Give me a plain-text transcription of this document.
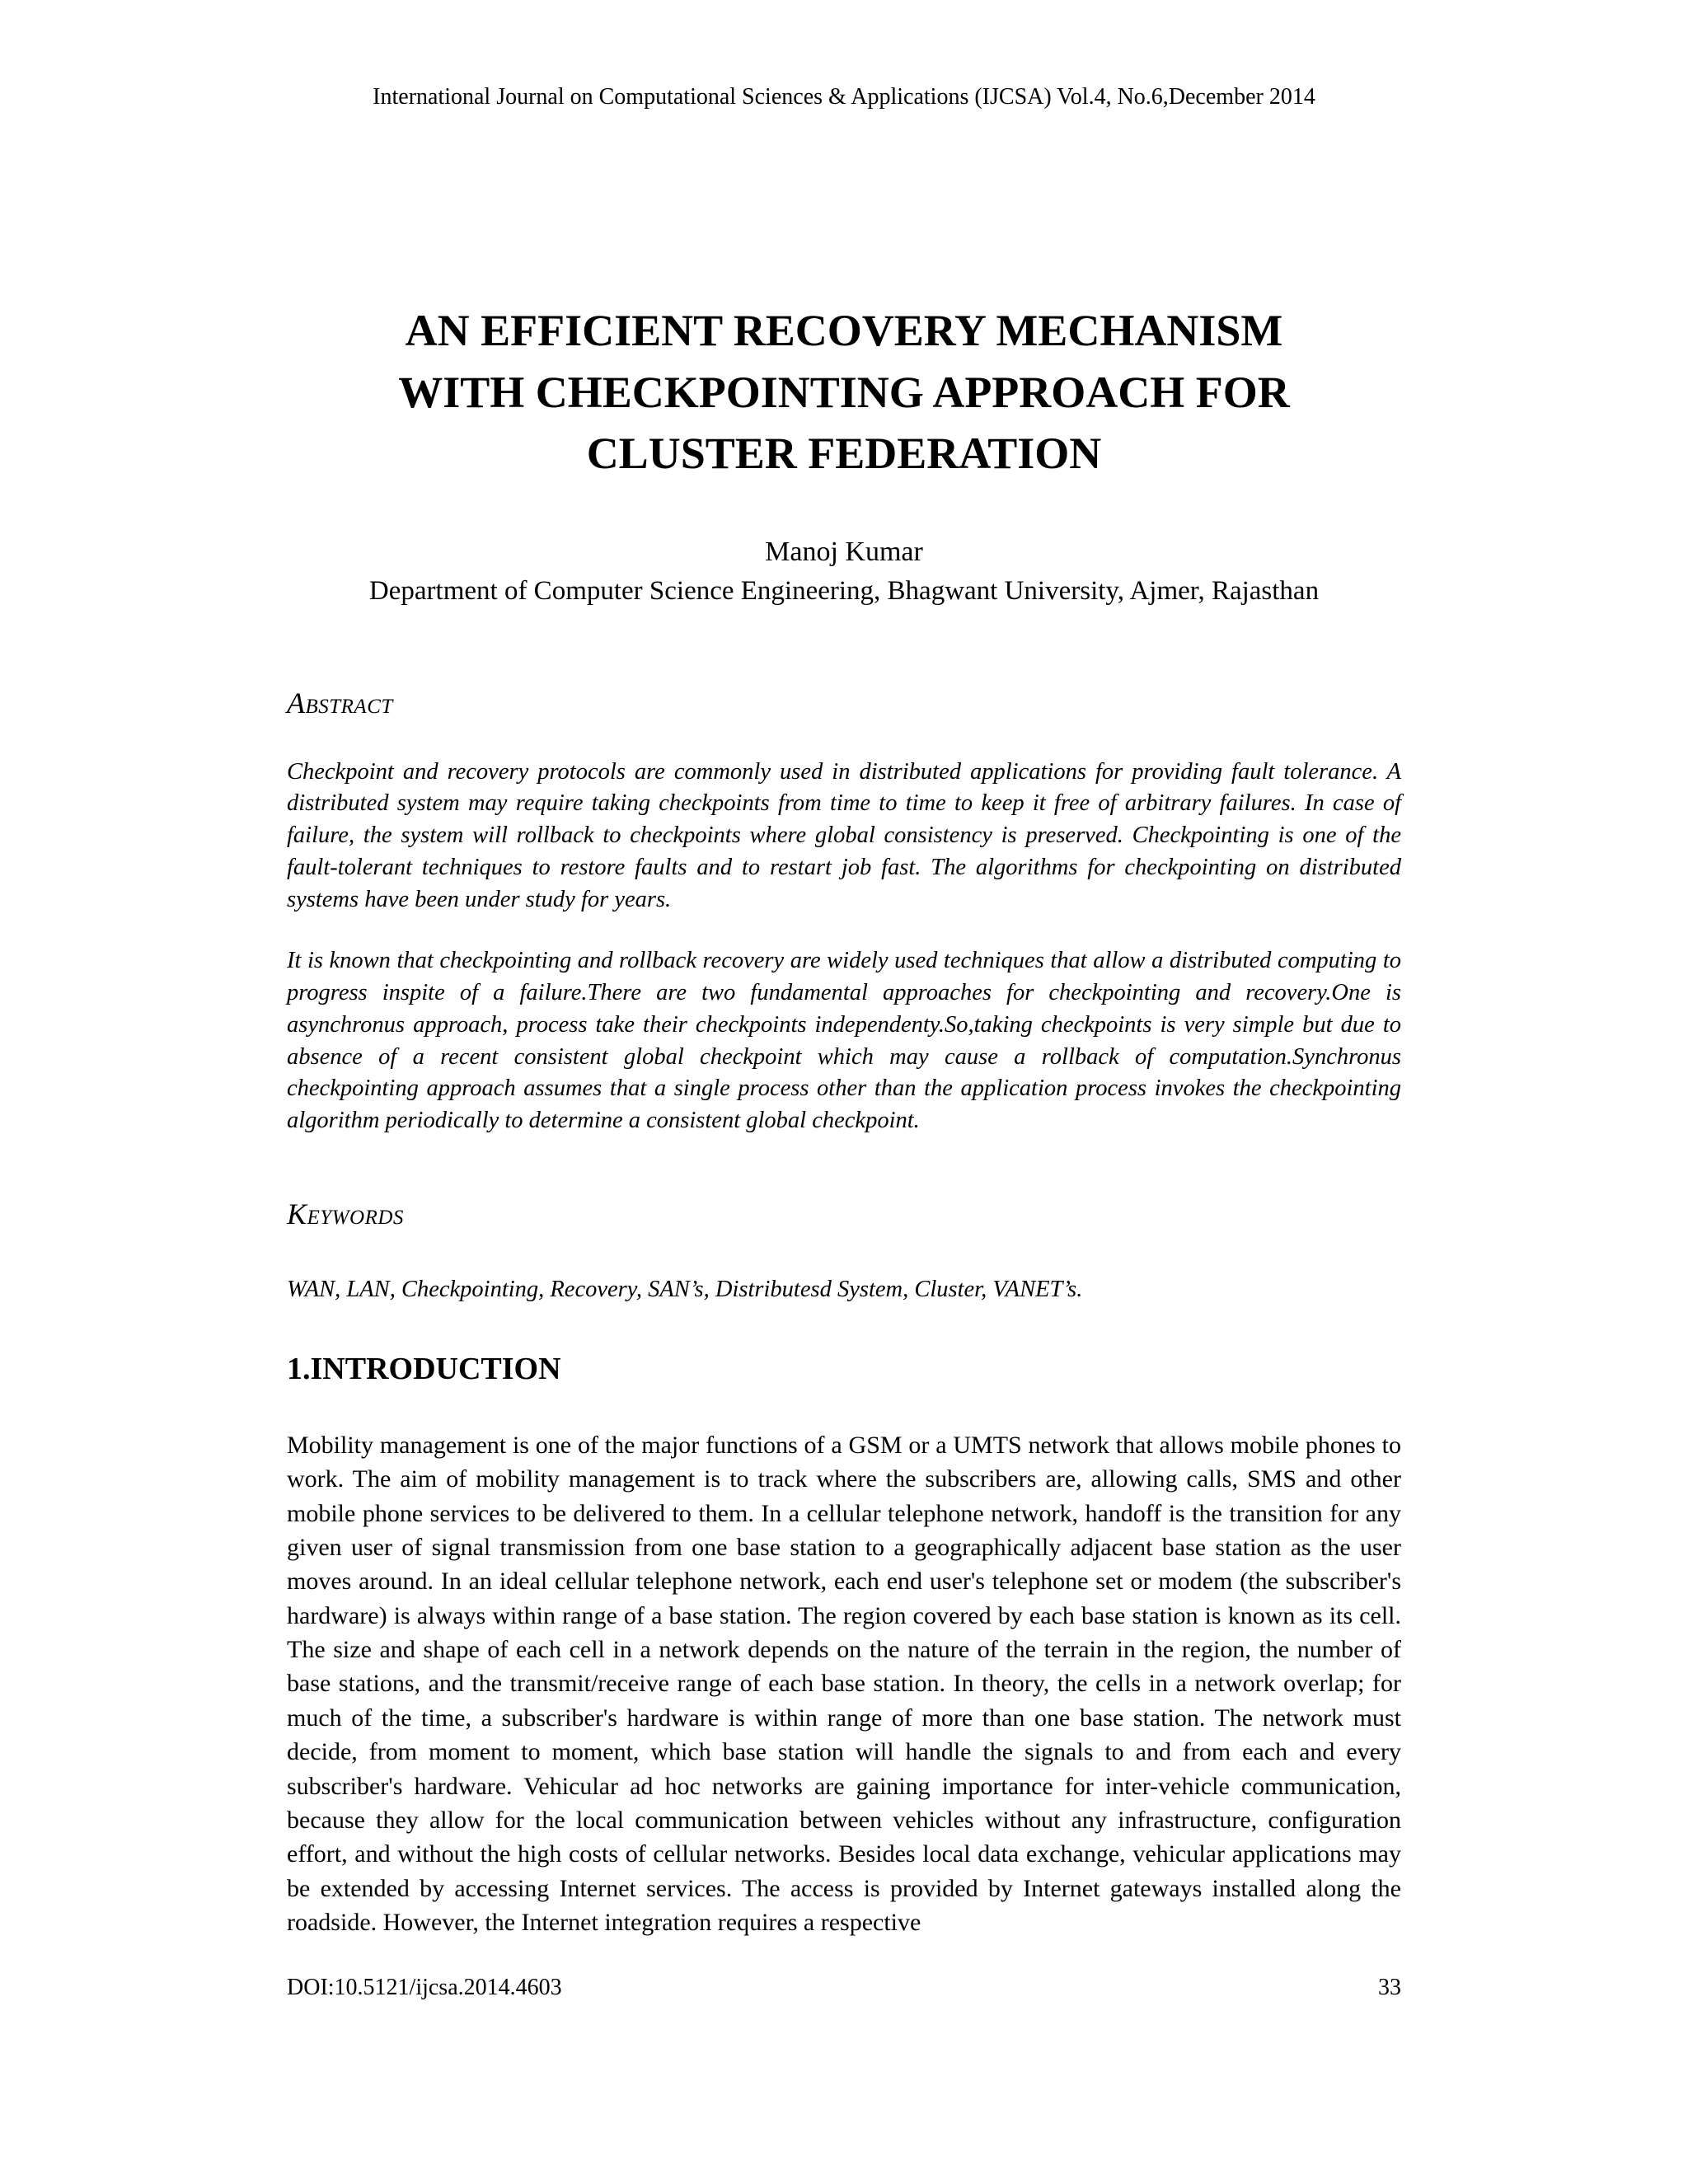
International Journal on Computational Sciences & Applications (IJCSA) Vol.4, No.6,December 2014
AN EFFICIENT RECOVERY MECHANISM
WITH CHECKPOINTING APPROACH FOR
CLUSTER FEDERATION
Manoj Kumar
Department of Computer Science Engineering, Bhagwant University, Ajmer, Rajasthan
Abstract

Checkpoint and recovery protocols are commonly used in distributed applications for providing fault tolerance. A distributed system may require taking checkpoints from time to time to keep it free of arbitrary failures. In case of failure, the system will rollback to checkpoints where global consistency is preserved. Checkpointing is one of the fault-tolerant techniques to restore faults and to restart job fast. The algorithms for checkpointing on distributed systems have been under study for years.

It is known that checkpointing and rollback recovery are widely used techniques that allow a distributed computing to progress inspite of a failure.There are two fundamental approaches for checkpointing and recovery.One is asynchronus approach, process take their checkpoints independenty.So,taking checkpoints is very simple but due to absence of a recent consistent global checkpoint which may cause a rollback of computation.Synchronus checkpointing approach assumes that a single process other than the application process invokes the checkpointing algorithm periodically to determine a consistent global checkpoint.

Keywords

WAN, LAN, Checkpointing, Recovery, SAN’s, Distributesd System, Cluster, VANET’s.

1.INTRODUCTION

Mobility management is one of the major functions of a GSM or a UMTS network that allows mobile phones to work. The aim of mobility management is to track where the subscribers are, allowing calls, SMS and other mobile phone services to be delivered to them. In a cellular telephone network, handoff is the transition for any given user of signal transmission from one base station to a geographically adjacent base station as the user moves around. In an ideal cellular telephone network, each end user's telephone set or modem (the subscriber's hardware) is always within range of a base station. The region covered by each base station is known as its cell. The size and shape of each cell in a network depends on the nature of the terrain in the region, the number of base stations, and the transmit/receive range of each base station. In theory, the cells in a network overlap; for much of the time, a subscriber's hardware is within range of more than one base station. The network must decide, from moment to moment, which base station will handle the signals to and from each and every subscriber's hardware. Vehicular ad hoc networks are gaining importance for inter-vehicle communication, because they allow for the local communication between vehicles without any infrastructure, configuration effort, and without the high costs of cellular networks. Besides local data exchange, vehicular applications may be extended by accessing Internet services. The access is provided by Internet gateways installed along the roadside. However, the Internet integration requires a respective

DOI:10.5121/ijcsa.2014.4603	33
